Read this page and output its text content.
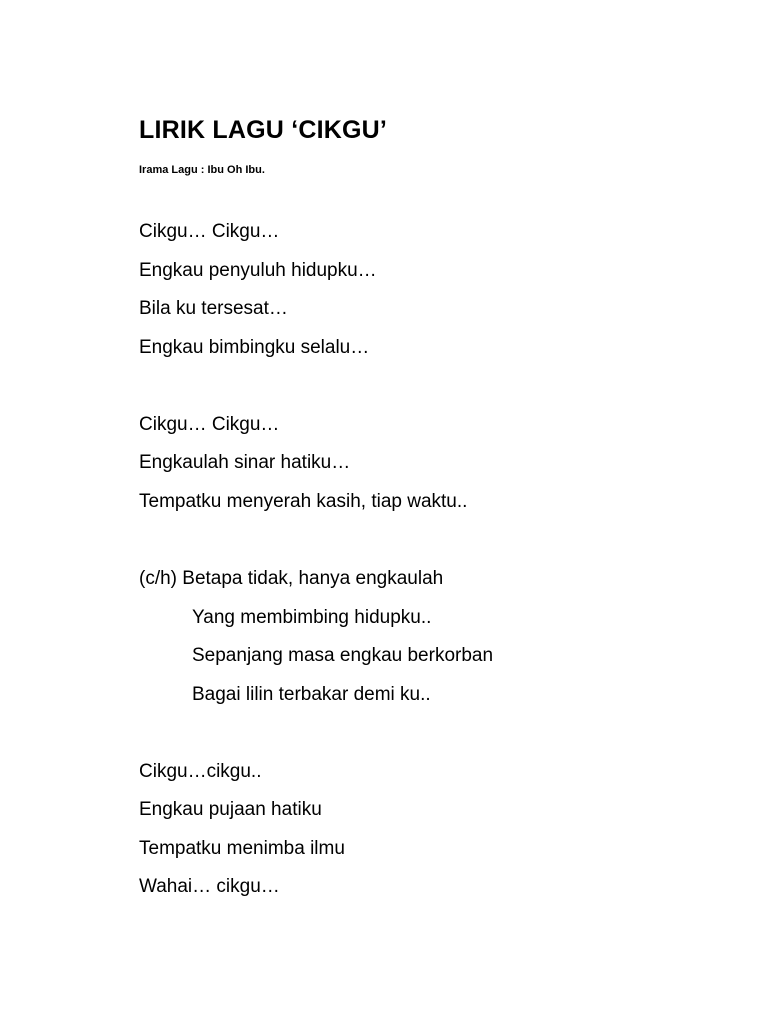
LIRIK LAGU ‘CIKGU’
Irama Lagu : Ibu Oh Ibu.
Cikgu… Cikgu…
Engkau penyuluh hidupku…
Bila ku tersesat…
Engkau bimbingku selalu…
Cikgu… Cikgu…
Engkaulah sinar hatiku…
Tempatku menyerah kasih, tiap waktu..
(c/h) Betapa tidak, hanya engkaulah
Yang membimbing hidupku..
Sepanjang masa engkau berkorban
Bagai lilin terbakar demi ku..
Cikgu…cikgu..
Engkau pujaan hatiku
Tempatku menimba ilmu
Wahai… cikgu…
